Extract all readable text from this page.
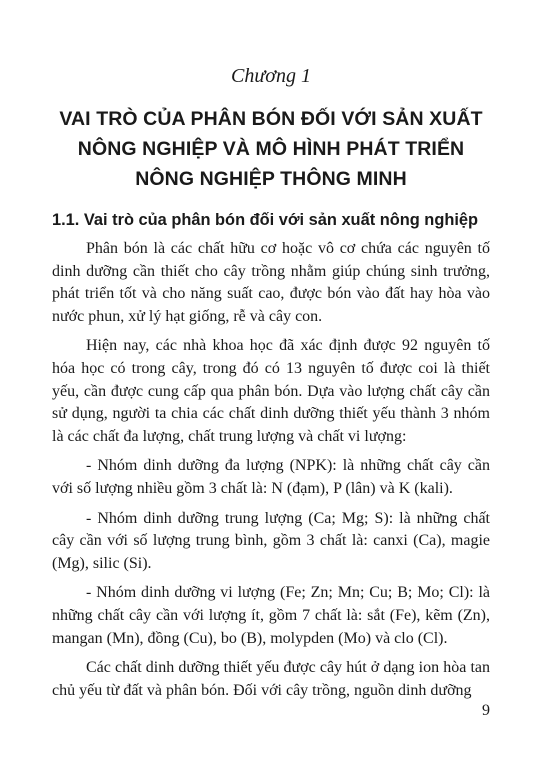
Chương 1
VAI TRÒ CỦA PHÂN BÓN ĐỐI VỚI SẢN XUẤT
NÔNG NGHIỆP VÀ MÔ HÌNH PHÁT TRIỂN
NÔNG NGHIỆP THÔNG MINH
1.1. Vai trò của phân bón đối với sản xuất nông nghiệp

Phân bón là các chất hữu cơ hoặc vô cơ chứa các nguyên tố dinh dưỡng cần thiết cho cây trồng nhằm giúp chúng sinh trưởng, phát triển tốt và cho năng suất cao, được bón vào đất hay hòa vào nước phun, xử lý hạt giống, rễ và cây con.

Hiện nay, các nhà khoa học đã xác định được 92 nguyên tố hóa học có trong cây, trong đó có 13 nguyên tố được coi là thiết yếu, cần được cung cấp qua phân bón. Dựa vào lượng chất cây cần sử dụng, người ta chia các chất dinh dưỡng thiết yếu thành 3 nhóm là các chất đa lượng, chất trung lượng và chất vi lượng:

- Nhóm dinh dưỡng đa lượng (NPK): là những chất cây cần với số lượng nhiều gồm 3 chất là: N (đạm), P (lân) và K (kali).

- Nhóm dinh dưỡng trung lượng (Ca; Mg; S): là những chất cây cần với số lượng trung bình, gồm 3 chất là: canxi (Ca), magie (Mg), silic (Si).

- Nhóm dinh dưỡng vi lượng (Fe; Zn; Mn; Cu; B; Mo; Cl): là những chất cây cần với lượng ít, gồm 7 chất là: sắt (Fe), kẽm (Zn), mangan (Mn), đồng (Cu), bo (B), molypden (Mo) và clo (Cl).

Các chất dinh dưỡng thiết yếu được cây hút ở dạng ion hòa tan chủ yếu từ đất và phân bón. Đối với cây trồng, nguồn dinh dưỡng

9
